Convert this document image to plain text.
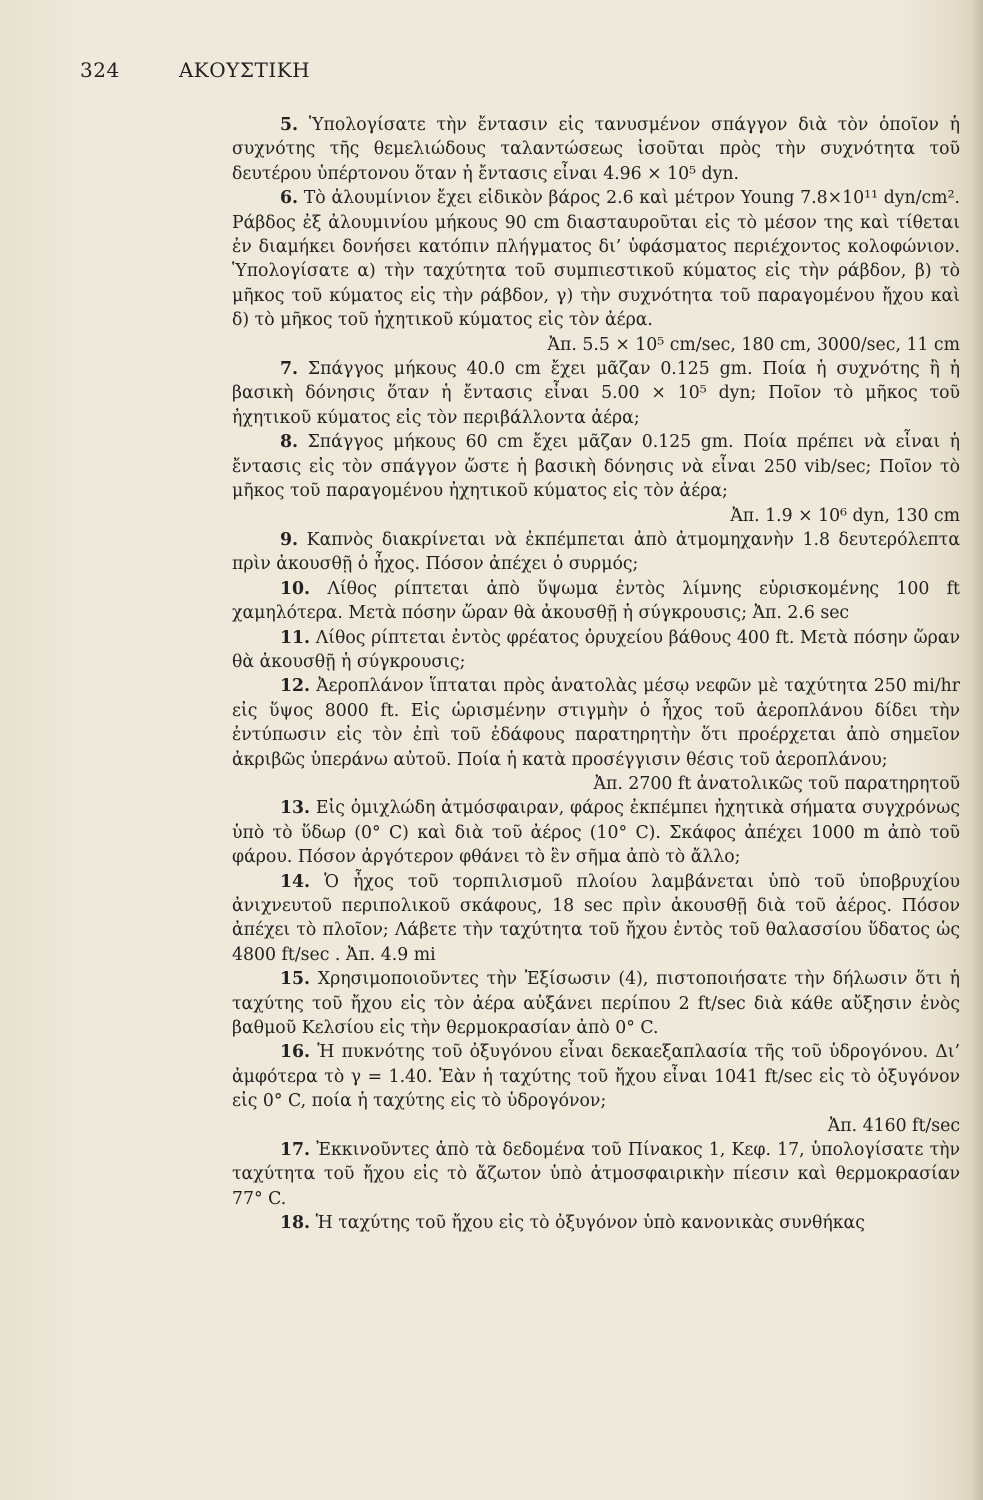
324	ΑΚΟΥΣΤΙΚΗ

5. Ὑπολογίσατε τὴν ἔντασιν εἰς τανυσμένον σπάγγον διὰ τὸν ὁποῖον ἡ συχνότης τῆς θεμελιώδους ταλαντώσεως ἰσοῦται πρὸς τὴν συχνότητα τοῦ δευτέρου ὑπέρτονου ὅταν ἡ ἔντασις εἶναι 4.96 × 10⁵ dyn.

6. Τὸ ἀλουμίνιον ἔχει εἰδικὸν βάρος 2.6 καὶ μέτρον Young 7.8×10¹¹ dyn/cm². Ράβδος ἐξ ἀλουμινίου μήκους 90 cm διασταυροῦται εἰς τὸ μέσον της καὶ τίθεται ἐν διαμήκει δονήσει κατόπιν πλήγματος δι’ ὑφάσματος περιέχοντος κολοφώνιον. Ὑπολογίσατε α) τὴν ταχύτητα τοῦ συμπιεστικοῦ κύματος εἰς τὴν ράβδον, β) τὸ μῆκος τοῦ κύματος εἰς τὴν ράβδον, γ) τὴν συχνότητα τοῦ παραγομένου ἤχου καὶ δ) τὸ μῆκος τοῦ ἠχητικοῦ κύματος εἰς τὸν ἀέρα.

Ἀπ. 5.5 × 10⁵ cm/sec, 180 cm, 3000/sec, 11 cm

7. Σπάγγος μήκους 40.0 cm ἔχει μᾶζαν 0.125 gm. Ποία ἡ συχνότης ἢ ἡ βασικὴ δόνησις ὅταν ἡ ἔντασις εἶναι 5.00 × 10⁵ dyn; Ποῖον τὸ μῆκος τοῦ ἠχητικοῦ κύματος εἰς τὸν περιβάλλοντα ἀέρα;

8. Σπάγγος μήκους 60 cm ἔχει μᾶζαν 0.125 gm. Ποία πρέπει νὰ εἶναι ἡ ἔντασις εἰς τὸν σπάγγον ὥστε ἡ βασικὴ δόνησις νὰ εἶναι 250 vib/sec; Ποῖον τὸ μῆκος τοῦ παραγομένου ἠχητικοῦ κύματος εἰς τὸν ἀέρα;

Ἀπ. 1.9 × 10⁶ dyn, 130 cm

9. Καπνὸς διακρίνεται νὰ ἐκπέμπεται ἀπὸ ἀτμομηχανὴν 1.8 δευτερόλεπτα πρὶν ἀκουσθῇ ὁ ἦχος. Πόσον ἀπέχει ὁ συρμός;

10. Λίθος ρίπτεται ἀπὸ ὕψωμα ἐντὸς λίμνης εὑρισκομένης 100 ft χαμηλότερα. Μετὰ πόσην ὥραν θὰ ἀκουσθῇ ἡ σύγκρουσις; Ἀπ. 2.6 sec

11. Λίθος ρίπτεται ἐντὸς φρέατος ὀρυχείου βάθους 400 ft. Μετὰ πόσην ὥραν θὰ ἀκουσθῇ ἡ σύγκρουσις;

12. Ἀεροπλάνον ἵπταται πρὸς ἀνατολὰς μέσῳ νεφῶν μὲ ταχύτητα 250 mi/hr εἰς ὕψος 8000 ft. Εἰς ὡρισμένην στιγμὴν ὁ ἦχος τοῦ ἀεροπλάνου δίδει τὴν ἐντύπωσιν εἰς τὸν ἐπὶ τοῦ ἐδάφους παρατηρητὴν ὅτι προέρχεται ἀπὸ σημεῖον ἀκριβῶς ὑπεράνω αὐτοῦ. Ποία ἡ κατὰ προσέγγισιν θέσις τοῦ ἀεροπλάνου;

Ἀπ. 2700 ft ἀνατολικῶς τοῦ παρατηρητοῦ

13. Εἰς ὁμιχλώδη ἀτμόσφαιραν, φάρος ἐκπέμπει ἠχητικὰ σήματα συγχρόνως ὑπὸ τὸ ὕδωρ (0° C) καὶ διὰ τοῦ ἀέρος (10° C). Σκάφος ἀπέχει 1000 m ἀπὸ τοῦ φάρου. Πόσον ἀργότερον φθάνει τὸ ἓν σῆμα ἀπὸ τὸ ἄλλο;

14. Ὁ ἦχος τοῦ τορπιλισμοῦ πλοίου λαμβάνεται ὑπὸ τοῦ ὑποβρυχίου ἀνιχνευτοῦ περιπολικοῦ σκάφους, 18 sec πρὶν ἀκουσθῇ διὰ τοῦ ἀέρος. Πόσον ἀπέχει τὸ πλοῖον; Λάβετε τὴν ταχύτητα τοῦ ἤχου ἐντὸς τοῦ θαλασσίου ὕδατος ὡς 4800 ft/sec . Ἀπ. 4.9 mi

15. Χρησιμοποιοῦντες τὴν Ἐξίσωσιν (4), πιστοποιήσατε τὴν δήλωσιν ὅτι ἡ ταχύτης τοῦ ἤχου εἰς τὸν ἀέρα αὐξάνει περίπου 2 ft/sec διὰ κάθε αὔξησιν ἑνὸς βαθμοῦ Κελσίου εἰς τὴν θερμοκρασίαν ἀπὸ 0° C.

16. Ἡ πυκνότης τοῦ ὀξυγόνου εἶναι δεκαεξαπλασία τῆς τοῦ ὑδρογόνου. Δι’ ἀμφότερα τὸ γ = 1.40. Ἐὰν ἡ ταχύτης τοῦ ἤχου εἶναι 1041 ft/sec εἰς τὸ ὀξυγόνον εἰς 0° C, ποία ἡ ταχύτης εἰς τὸ ὑδρογόνον;

Ἀπ. 4160 ft/sec

17. Ἐκκινοῦντες ἀπὸ τὰ δεδομένα τοῦ Πίνακος 1, Κεφ. 17, ὑπολογίσατε τὴν ταχύτητα τοῦ ἤχου εἰς τὸ ἄζωτον ὑπὸ ἀτμοσφαιρικὴν πίεσιν καὶ θερμοκρασίαν 77° C.

18. Ἡ ταχύτης τοῦ ἤχου εἰς τὸ ὀξυγόνον ὑπὸ κανονικὰς συνθήκας
